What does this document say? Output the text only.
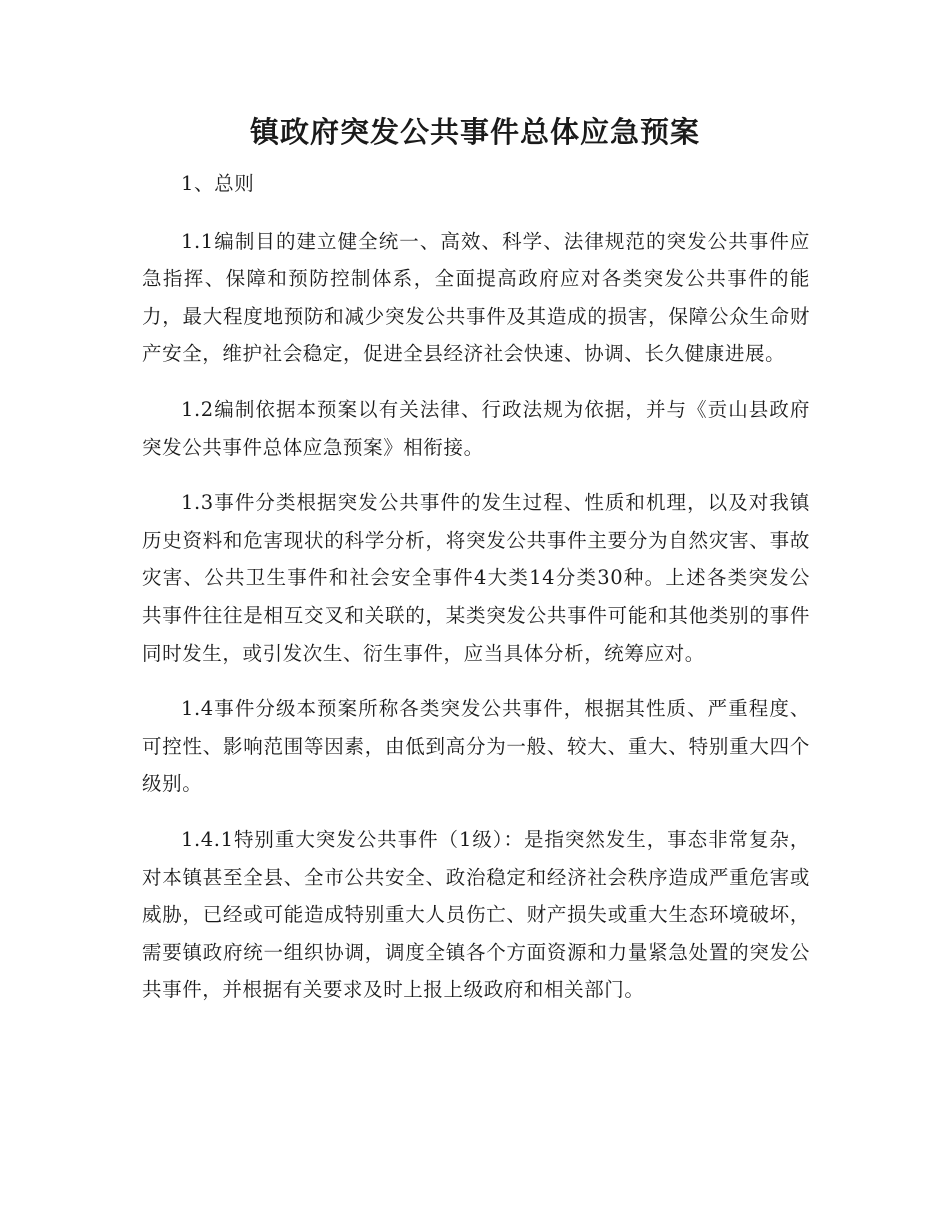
镇政府突发公共事件总体应急预案

1、总则

1.1编制目的建立健全统一、高效、科学、法律规范的突发公共事件应急指挥、保障和预防控制体系，全面提高政府应对各类突发公共事件的能力，最大程度地预防和减少突发公共事件及其造成的损害，保障公众生命财产安全，维护社会稳定，促进全县经济社会快速、协调、长久健康进展。

1.2编制依据本预案以有关法律、行政法规为依据，并与《贡山县政府突发公共事件总体应急预案》相衔接。

1.3事件分类根据突发公共事件的发生过程、性质和机理，以及对我镇历史资料和危害现状的科学分析，将突发公共事件主要分为自然灾害、事故灾害、公共卫生事件和社会安全事件4大类14分类30种。上述各类突发公共事件往往是相互交叉和关联的，某类突发公共事件可能和其他类别的事件同时发生，或引发次生、衍生事件，应当具体分析，统筹应对。

1.4事件分级本预案所称各类突发公共事件，根据其性质、严重程度、可控性、影响范围等因素，由低到高分为一般、较大、重大、特别重大四个级别。

1.4.1特别重大突发公共事件（1级）：是指突然发生，事态非常复杂，对本镇甚至全县、全市公共安全、政治稳定和经济社会秩序造成严重危害或威胁，已经或可能造成特别重大人员伤亡、财产损失或重大生态环境破坏，需要镇政府统一组织协调，调度全镇各个方面资源和力量紧急处置的突发公共事件，并根据有关要求及时上报上级政府和相关部门。
